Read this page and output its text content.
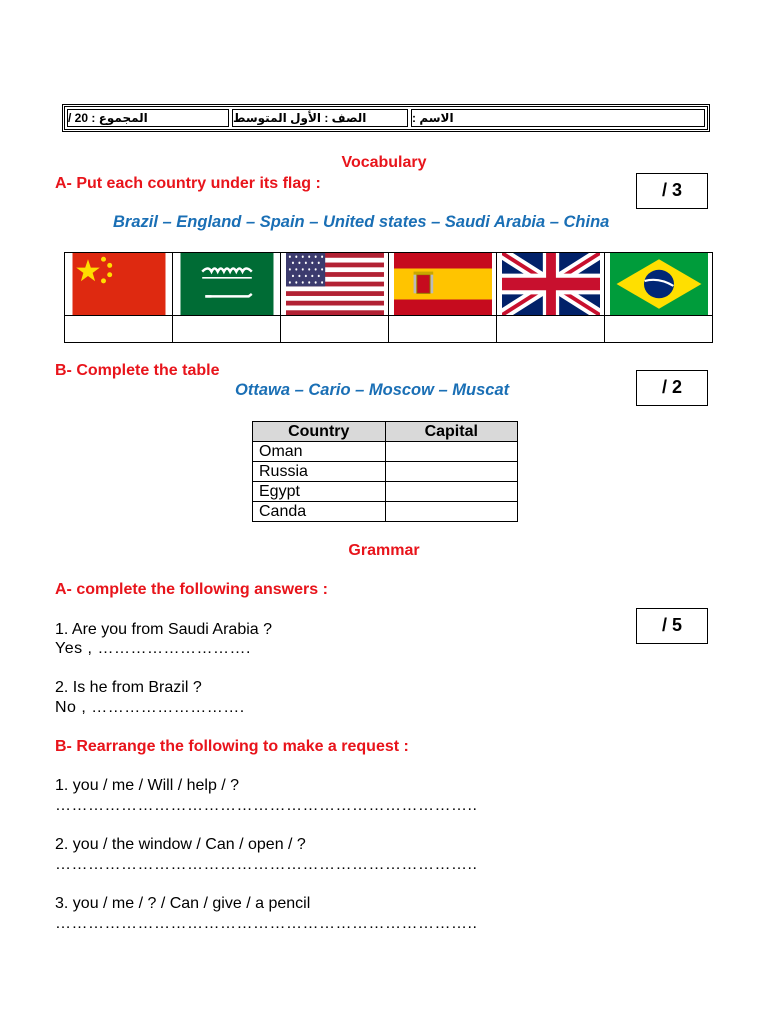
المجموع : 20 /	الصف : الأول المتوسط	الاسم :
Vocabulary
A- Put each country under its flag :	/ 3
Brazil – England – Spain – United states – Saudi Arabia – China

B- Complete the table
/ 2
Ottawa – Cario – Moscow – Muscat
Country	Capital
Oman	
Russia	
Egypt	
Canda	
Grammar
A- complete the following answers :
/ 5
1. Are you from Saudi Arabia ?
Yes , ……………………….
2. Is he from Brazil ?
No , ……………………….
B- Rearrange the following to make a request :
1. you / me / Will / help / ?
…………………………………………………………………..
2. you / the window / Can / open / ?
…………………………………………………………………..
3. you / me / ? / Can / give / a pencil
…………………………………………………………………..
